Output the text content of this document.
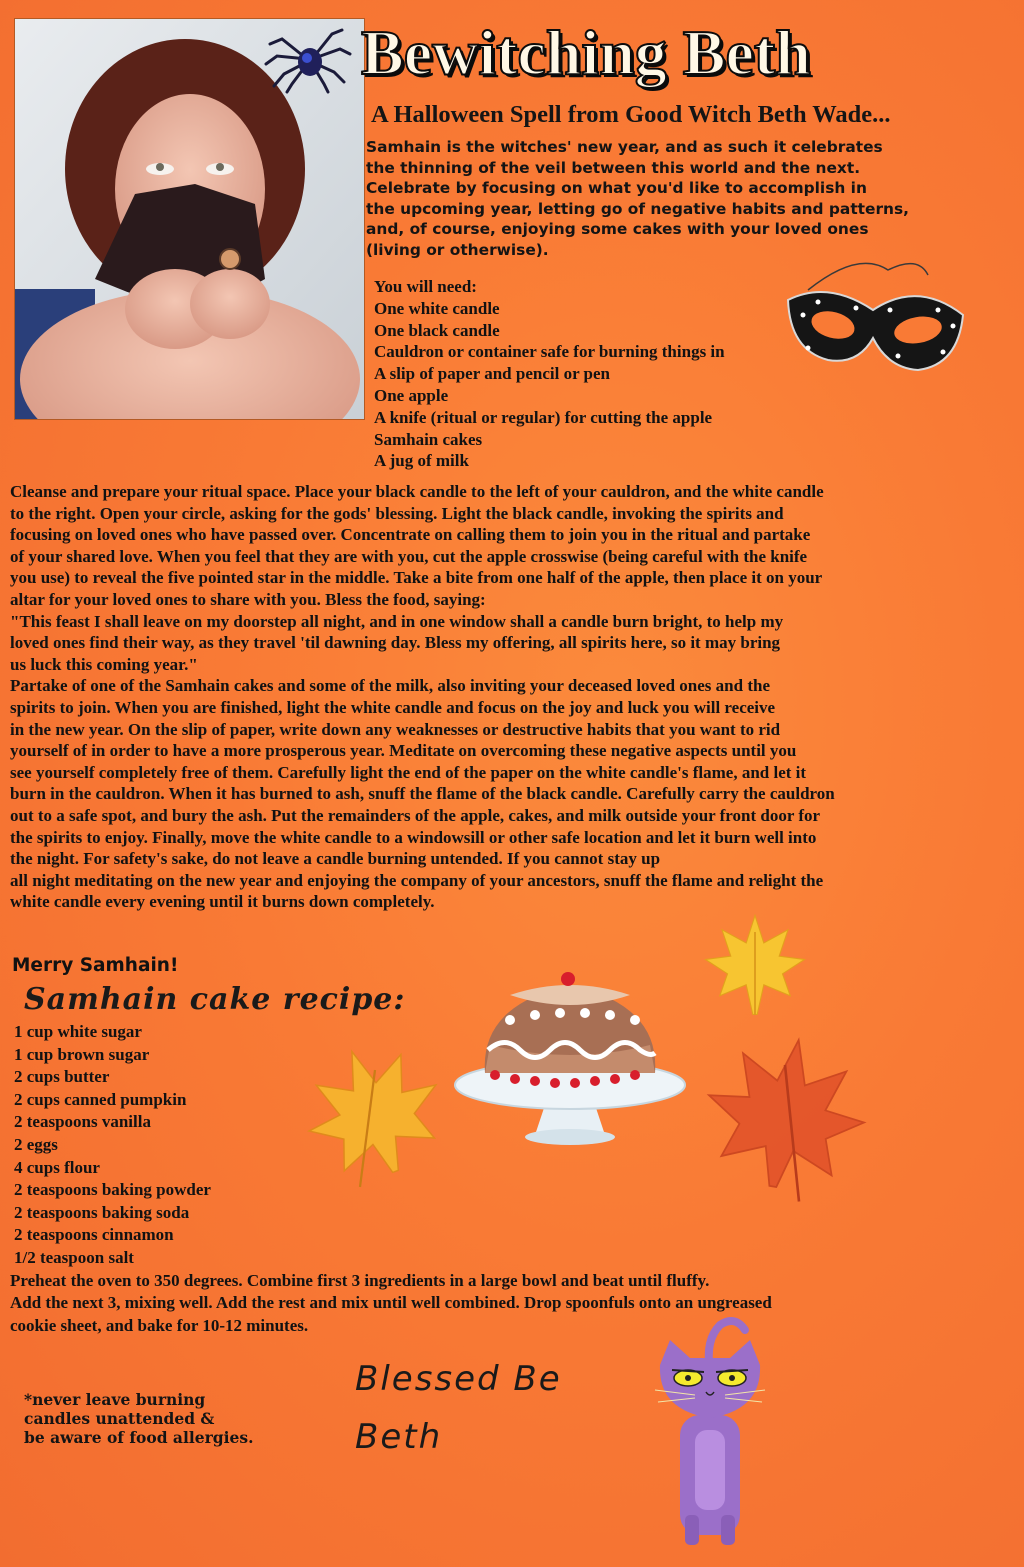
Bewitching Beth
A Halloween Spell from Good Witch Beth Wade...
Samhain is the witches' new year, and as such it celebrates
the thinning of the veil between this world and the next.
Celebrate by focusing on what you'd like to accomplish in
the upcoming year, letting go of negative habits and patterns,
and, of course, enjoying some cakes with your loved ones
(living or otherwise).
You will need:
One white candle
One black candle
Cauldron or container safe for burning things in
A slip of paper and pencil or pen
One apple
A knife (ritual or regular) for cutting the apple
Samhain cakes
A jug of milk
Cleanse and prepare your ritual space. Place your black candle to the left of your cauldron, and the white candle
to the right. Open your circle, asking for the gods' blessing. Light the black candle, invoking the spirits and
focusing on loved ones who have passed over. Concentrate on calling them to join you in the ritual and partake
of your shared love. When you feel that they are with you, cut the apple crosswise (being careful with the knife
you use) to reveal the five pointed star in the middle. Take a bite from one half of the apple, then place it on your
altar for your loved ones to share with you. Bless the food, saying:
"This feast I shall leave on my doorstep all night, and in one window shall a candle burn bright, to help my
loved ones find their way, as they travel 'til dawning day. Bless my offering, all spirits here, so it may bring
us luck this coming year."
Partake of one of the Samhain cakes and some of the milk, also inviting your deceased loved ones and the
spirits to join. When you are finished, light the white candle and focus on the joy and luck you will receive
in the new year. On the slip of paper, write down any weaknesses or destructive habits that you want to rid
yourself of in order to have a more prosperous year. Meditate on overcoming these negative aspects until you
see yourself completely free of them. Carefully light the end of the paper on the white candle's flame, and let it
burn in the cauldron. When it has burned to ash, snuff the flame of the black candle. Carefully carry the cauldron
out to a safe spot, and bury the ash. Put the remainders of the apple, cakes, and milk outside your front door for
the spirits to enjoy. Finally, move the white candle to a windowsill or other safe location and let it burn well into
the night. For safety's sake, do not leave a candle burning untended. If you cannot stay up
all night meditating on the new year and enjoying the company of your ancestors, snuff the flame and relight the
white candle every evening until it burns down completely.
Merry Samhain!
Samhain cake recipe:
1 cup white sugar
1 cup brown sugar
2 cups butter
2 cups canned pumpkin
2 teaspoons vanilla
2 eggs
4 cups flour
2 teaspoons baking powder
2 teaspoons baking soda
2 teaspoons cinnamon
1/2 teaspoon salt
Preheat the oven to 350 degrees. Combine first 3 ingredients in a large bowl and beat until fluffy.
Add the next 3, mixing well. Add the rest and mix until well combined. Drop spoonfuls onto an ungreased
cookie sheet, and bake for 10-12 minutes.
*never leave burning
candles unattended &
be aware of food allergies.
Blessed Be
Beth
